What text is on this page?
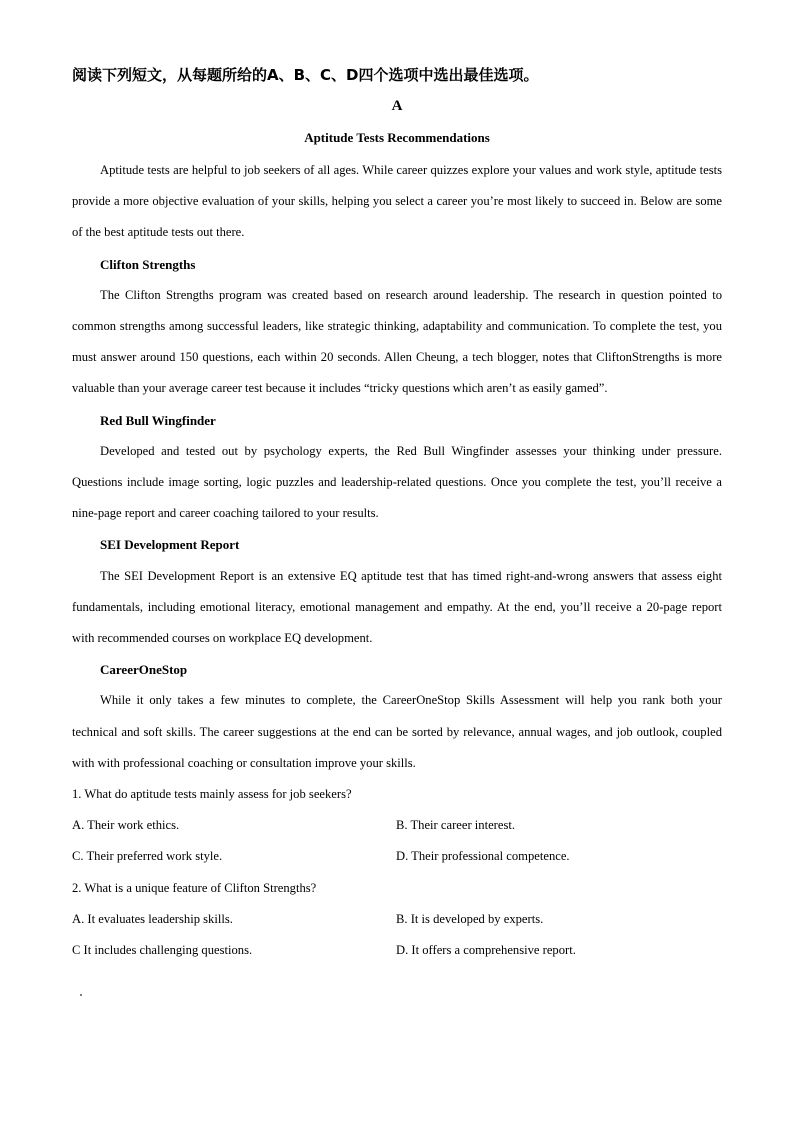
阅读下列短文，从每题所给的A、B、C、D四个选项中选出最佳选项。
A
Aptitude Tests Recommendations

Aptitude tests are helpful to job seekers of all ages. While career quizzes explore your values and work style, aptitude tests provide a more objective evaluation of your skills, helping you select a career you’re most likely to succeed in. Below are some of the best aptitude tests out there.

Clifton Strengths

The Clifton Strengths program was created based on research around leadership. The research in question pointed to common strengths among successful leaders, like strategic thinking, adaptability and communication. To complete the test, you must answer around 150 questions, each within 20 seconds. Allen Cheung, a tech blogger, notes that CliftonStrengths is more valuable than your average career test because it includes “tricky questions which aren’t as easily gamed”.

Red Bull Wingfinder

Developed and tested out by psychology experts, the Red Bull Wingfinder assesses your thinking under pressure. Questions include image sorting, logic puzzles and leadership-related questions. Once you complete the test, you’ll receive a nine-page report and career coaching tailored to your results.

SEI Development Report

The SEI Development Report is an extensive EQ aptitude test that has timed right-and-wrong answers that assess eight fundamentals, including emotional literacy, emotional management and empathy. At the end, you’ll receive a 20-page report with recommended courses on workplace EQ development.

CareerOneStop

While it only takes a few minutes to complete, the CareerOneStop Skills Assessment will help you rank both your technical and soft skills. The career suggestions at the end can be sorted by relevance, annual wages, and job outlook, coupled with with professional coaching or consultation improve your skills.

1. What do aptitude tests mainly assess for job seekers?

A. Their work ethics.	B. Their career interest.
C. Their preferred work style.	D. Their professional competence.

2. What is a unique feature of Clifton Strengths?

A. It evaluates leadership skills.	B. It is developed by experts.
C It includes challenging questions.	D. It offers a comprehensive report.
